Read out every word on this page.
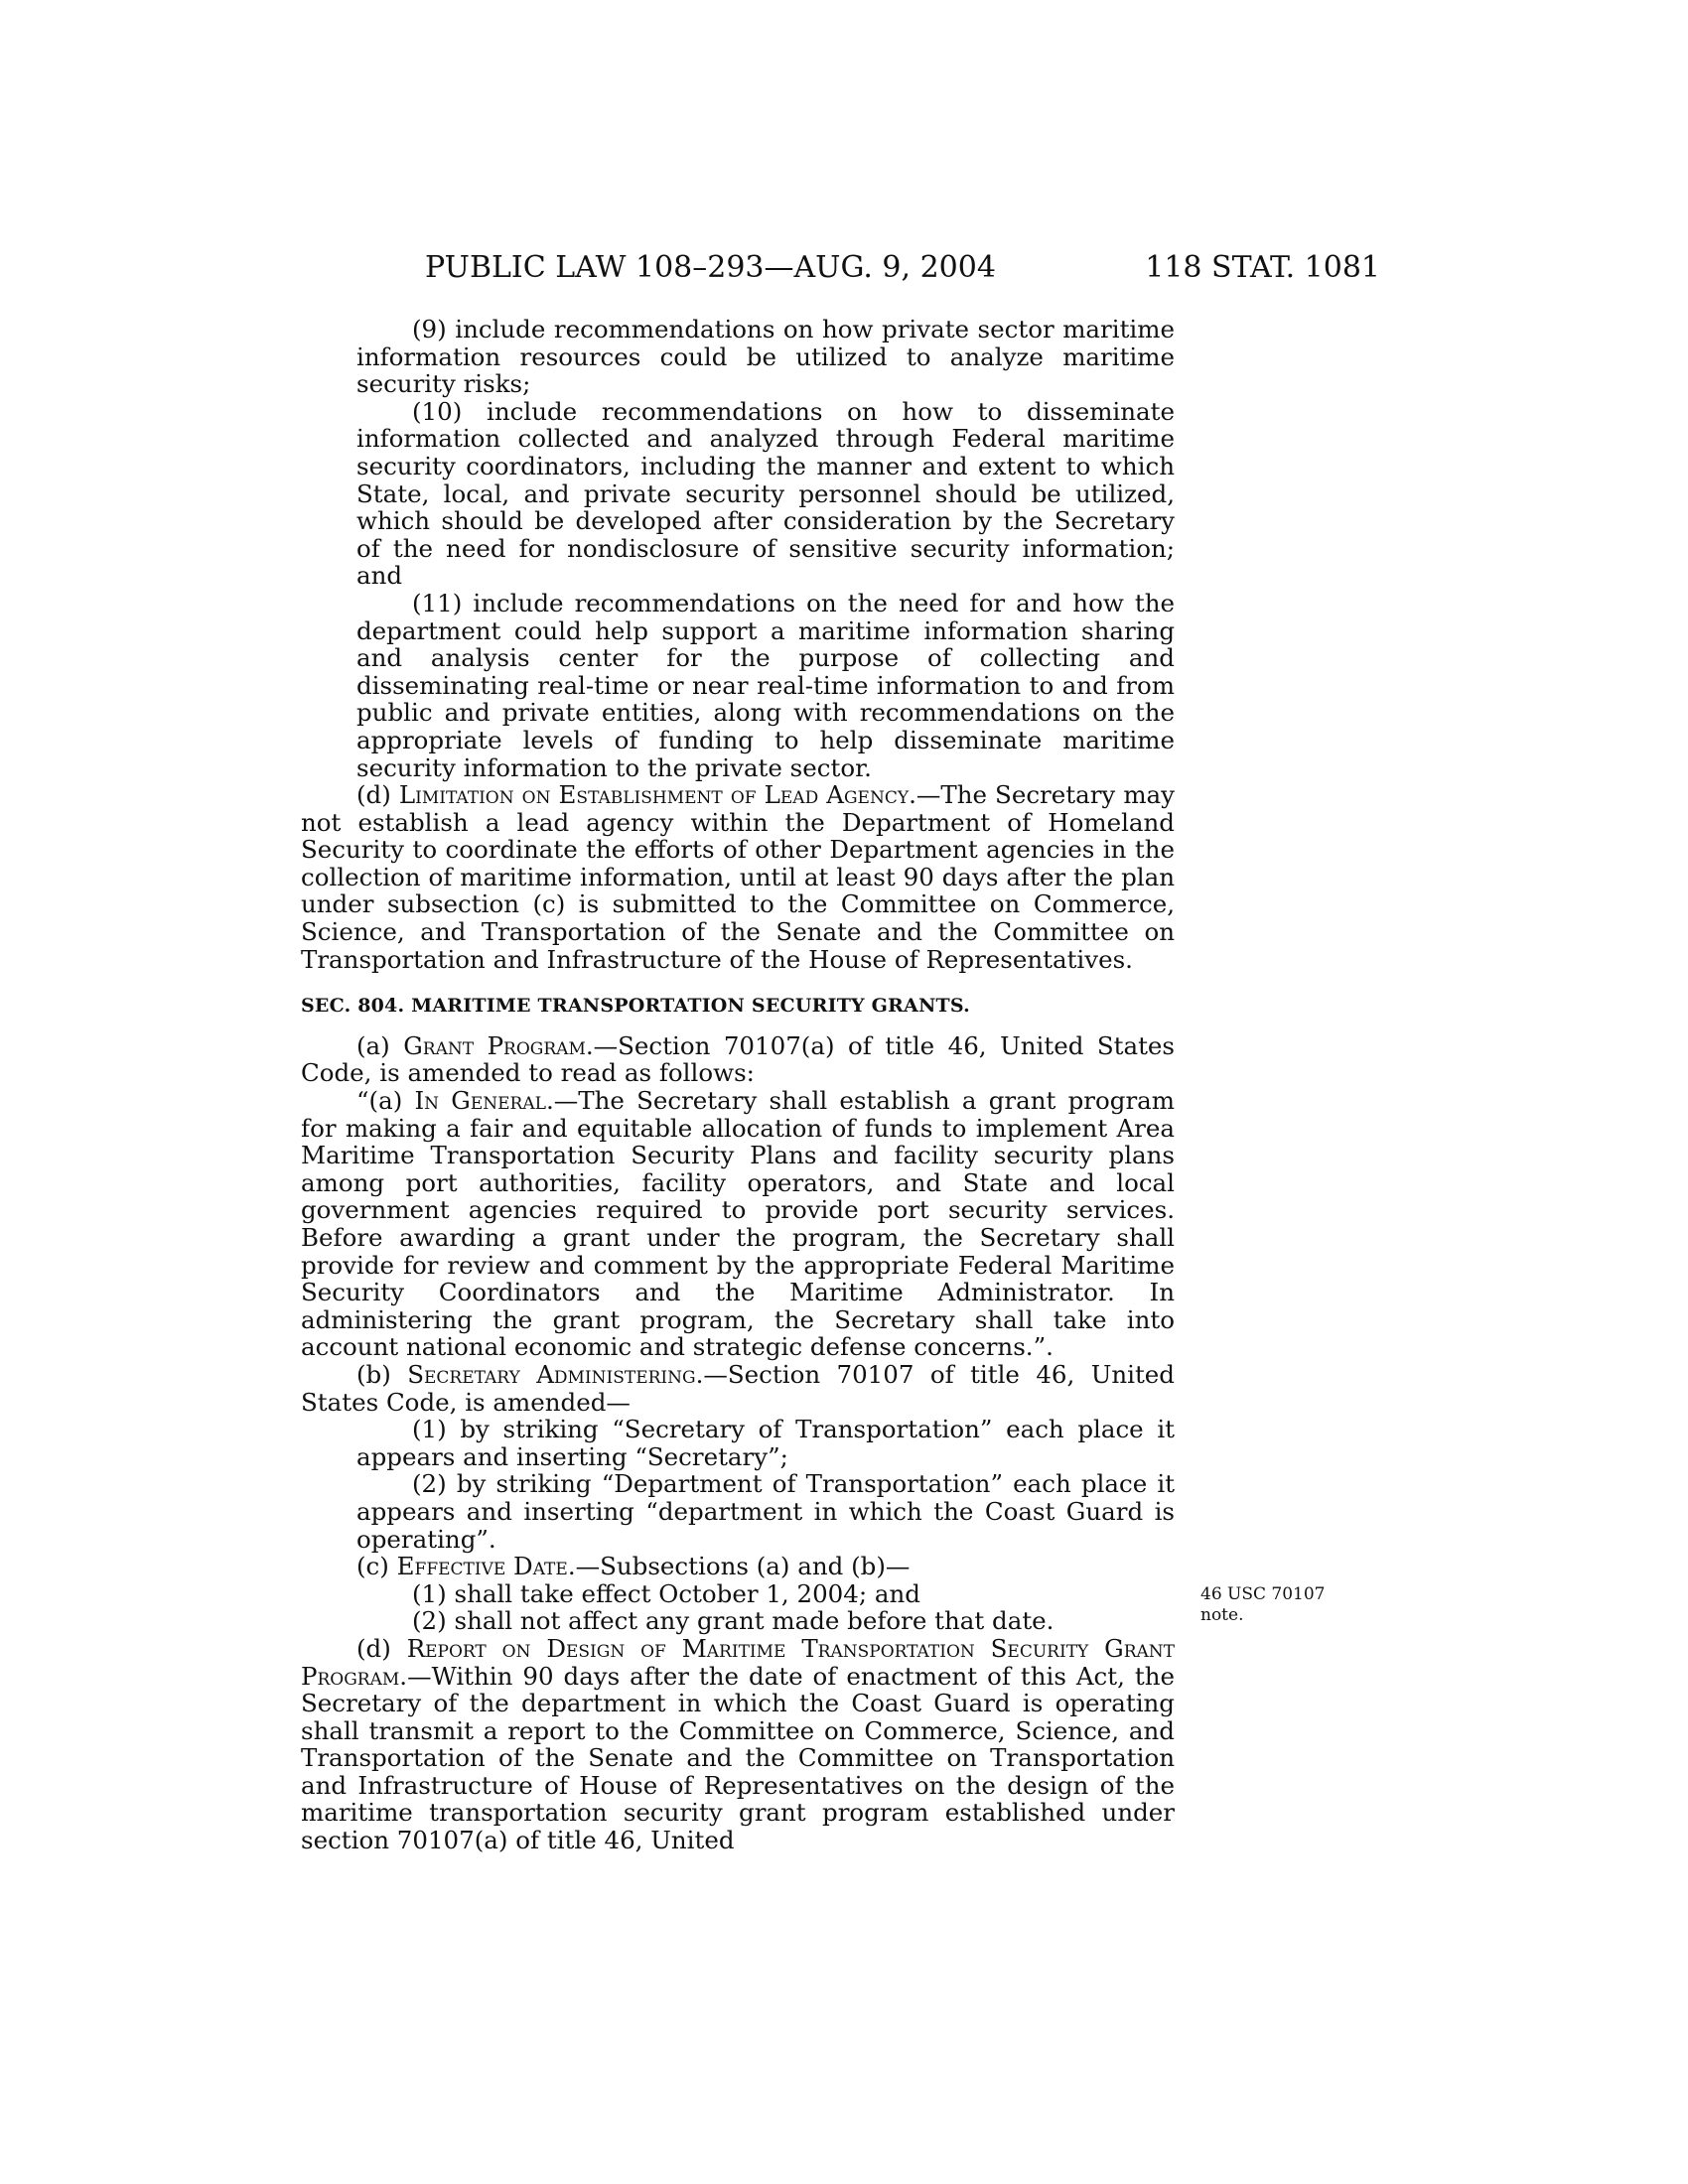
PUBLIC LAW 108–293—AUG. 9, 2004	118 STAT. 1081

(9) include recommendations on how private sector maritime information resources could be utilized to analyze maritime security risks;

(10) include recommendations on how to disseminate information collected and analyzed through Federal maritime security coordinators, including the manner and extent to which State, local, and private security personnel should be utilized, which should be developed after consideration by the Secretary of the need for nondisclosure of sensitive security information; and

(11) include recommendations on the need for and how the department could help support a maritime information sharing and analysis center for the purpose of collecting and disseminating real-time or near real-time information to and from public and private entities, along with recommendations on the appropriate levels of funding to help disseminate maritime security information to the private sector.

(d) Limitation on Establishment of Lead Agency.—The Secretary may not establish a lead agency within the Department of Homeland Security to coordinate the efforts of other Department agencies in the collection of maritime information, until at least 90 days after the plan under subsection (c) is submitted to the Committee on Commerce, Science, and Transportation of the Senate and the Committee on Transportation and Infrastructure of the House of Representatives.

SEC. 804. MARITIME TRANSPORTATION SECURITY GRANTS.

(a) Grant Program.—Section 70107(a) of title 46, United States Code, is amended to read as follows:

“(a) In General.—The Secretary shall establish a grant program for making a fair and equitable allocation of funds to implement Area Maritime Transportation Security Plans and facility security plans among port authorities, facility operators, and State and local government agencies required to provide port security services. Before awarding a grant under the program, the Secretary shall provide for review and comment by the appropriate Federal Maritime Security Coordinators and the Maritime Administrator. In administering the grant program, the Secretary shall take into account national economic and strategic defense concerns.”.

(b) Secretary Administering.—Section 70107 of title 46, United States Code, is amended—

(1) by striking “Secretary of Transportation” each place it appears and inserting “Secretary”;

(2) by striking “Department of Transportation” each place it appears and inserting “department in which the Coast Guard is operating”.

(c) Effective Date.—Subsections (a) and (b)—

(1) shall take effect October 1, 2004; and

(2) shall not affect any grant made before that date.

(d) Report on Design of Maritime Transportation Security Grant Program.—Within 90 days after the date of enactment of this Act, the Secretary of the department in which the Coast Guard is operating shall transmit a report to the Committee on Commerce, Science, and Transportation of the Senate and the Committee on Transportation and Infrastructure of House of Representatives on the design of the maritime transportation security grant program established under section 70107(a) of title 46, United

46 USC 70107
note.
